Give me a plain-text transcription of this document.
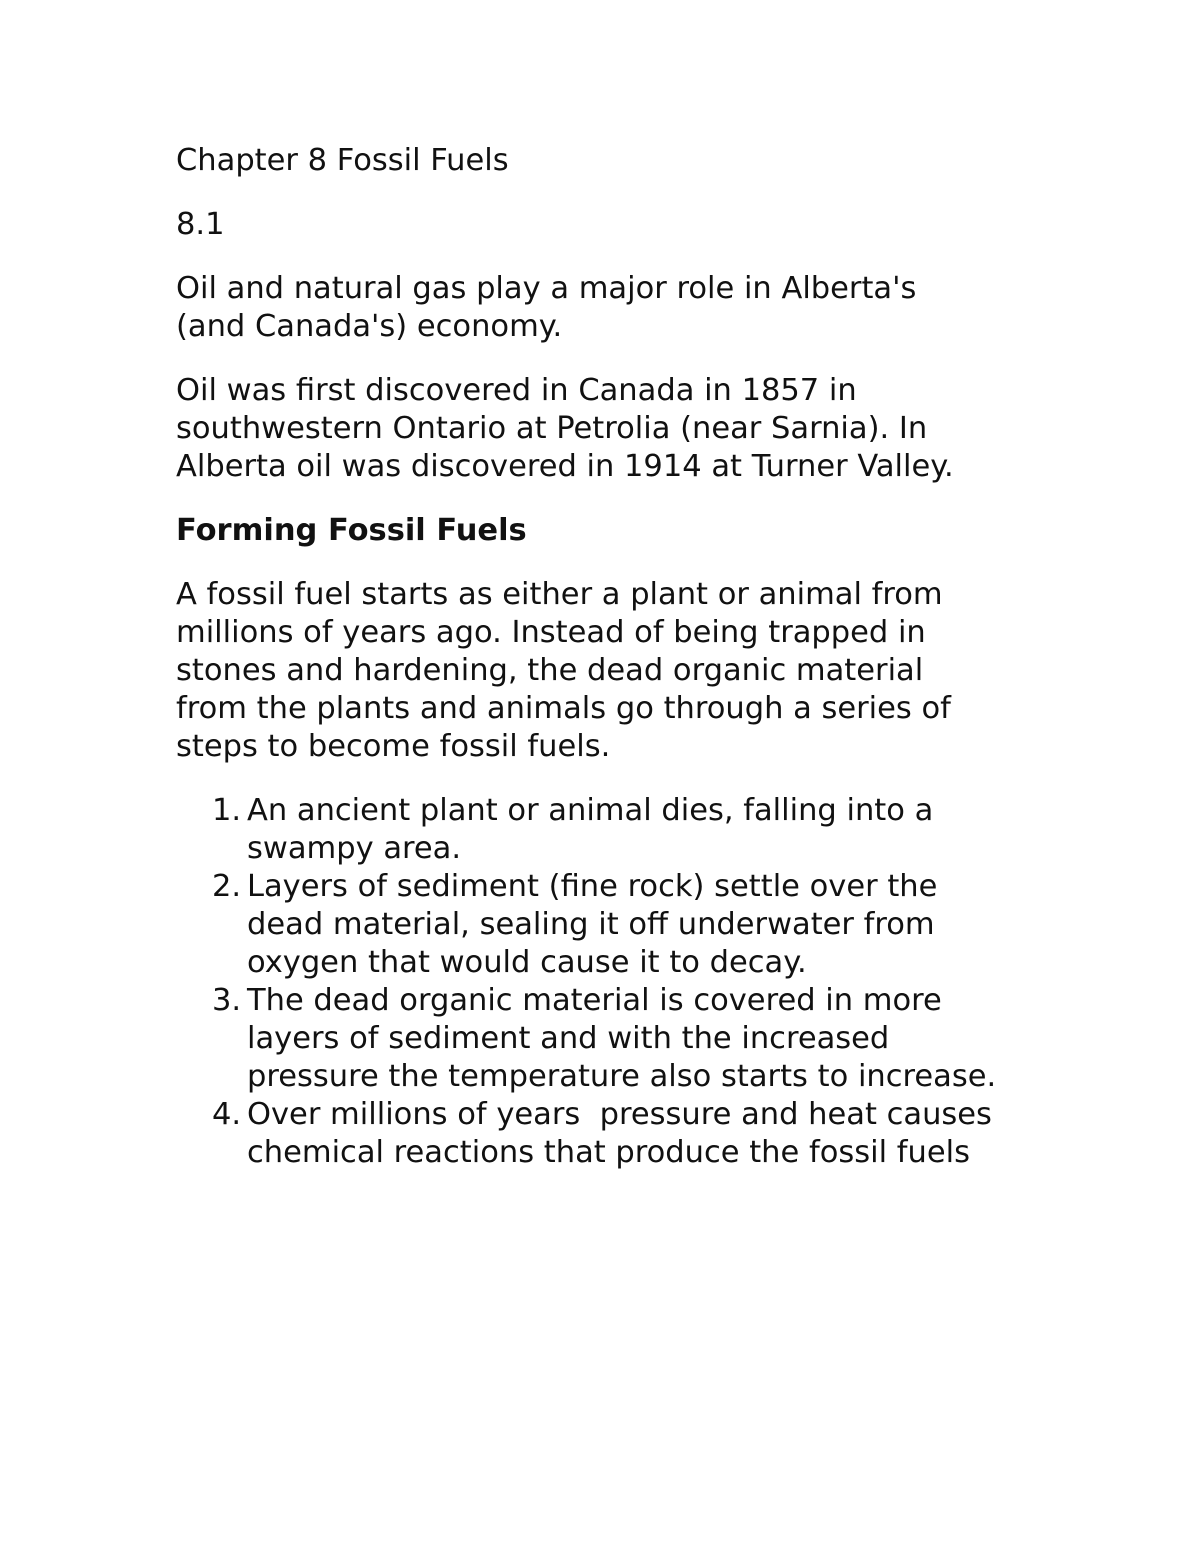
Chapter 8 Fossil Fuels

8.1

Oil and natural gas play a major role in Alberta's
(and Canada's) economy.

Oil was first discovered in Canada in 1857 in
southwestern Ontario at Petrolia (near Sarnia). In
Alberta oil was discovered in 1914 at Turner Valley.

Forming Fossil Fuels

A fossil fuel starts as either a plant or animal from
millions of years ago. Instead of being trapped in
stones and hardening, the dead organic material
from the plants and animals go through a series of
steps to become fossil fuels.

1. An ancient plant or animal dies, falling into a
swampy area.
2. Layers of sediment (fine rock) settle over the
dead material, sealing it off underwater from
oxygen that would cause it to decay.
3. The dead organic material is covered in more
layers of sediment and with the increased
pressure the temperature also starts to increase.
4. Over millions of years  pressure and heat causes
chemical reactions that produce the fossil fuels
